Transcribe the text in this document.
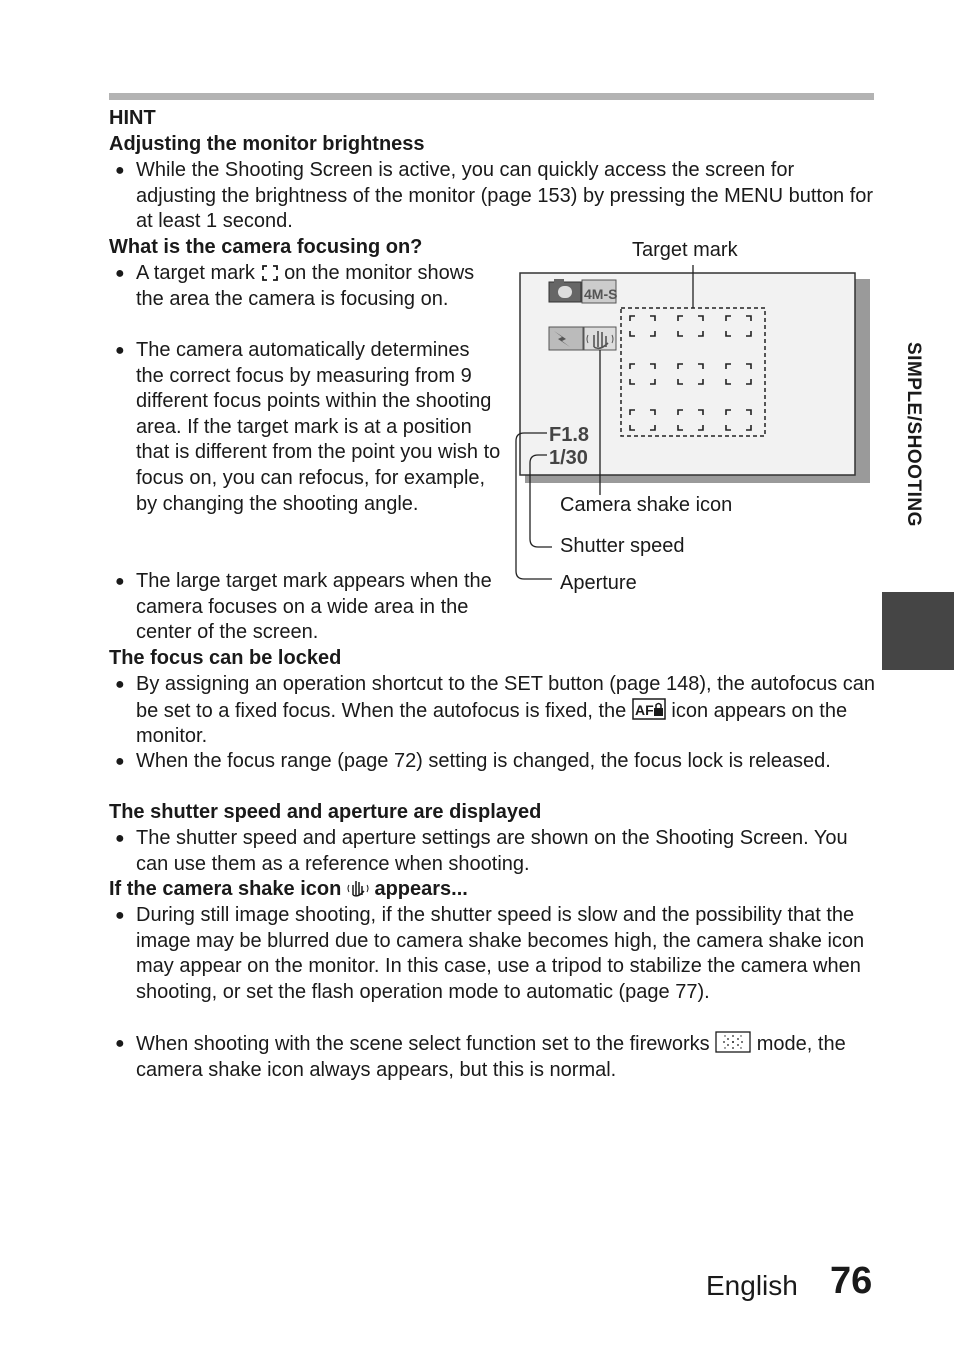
HINT

Adjusting the monitor brightness

● While the Shooting Screen is active, you can quickly access the screen for adjusting the brightness of the monitor (page 153) by pressing the MENU button for at least 1 second.

What is the camera focusing on?

● A target mark on the monitor shows the area the camera is focusing on.

● The camera automatically determines the correct focus by measuring from 9 different focus points within the shooting area. If the target mark is at a position that is different from the point you wish to focus on, you can refocus, for example, by changing the shooting angle.

● The large target mark appears when the camera focuses on a wide area in the center of the screen.

4M-S
F1.8
1/30

Target mark

Camera shake icon

Shutter speed

Aperture

The focus can be locked

● By assigning an operation shortcut to the SET button (page 148), the autofocus can be set to a fixed focus. When the autofocus is fixed, the AF icon appears on the monitor.

● When the focus range (page 72) setting is changed, the focus lock is released.

The shutter speed and aperture are displayed

● The shutter speed and aperture settings are shown on the Shooting Screen. You can use them as a reference when shooting.

If the camera shake icon appears...

● During still image shooting, if the shutter speed is slow and the possibility that the image may be blurred due to camera shake becomes high, the camera shake icon may appear on the monitor. In this case, use a tripod to stabilize the camera when shooting, or set the flash operation mode to automatic (page 77).

● When shooting with the scene select function set to the fireworks mode, the camera shake icon always appears, but this is normal.

SIMPLE/SHOOTING
English 76
